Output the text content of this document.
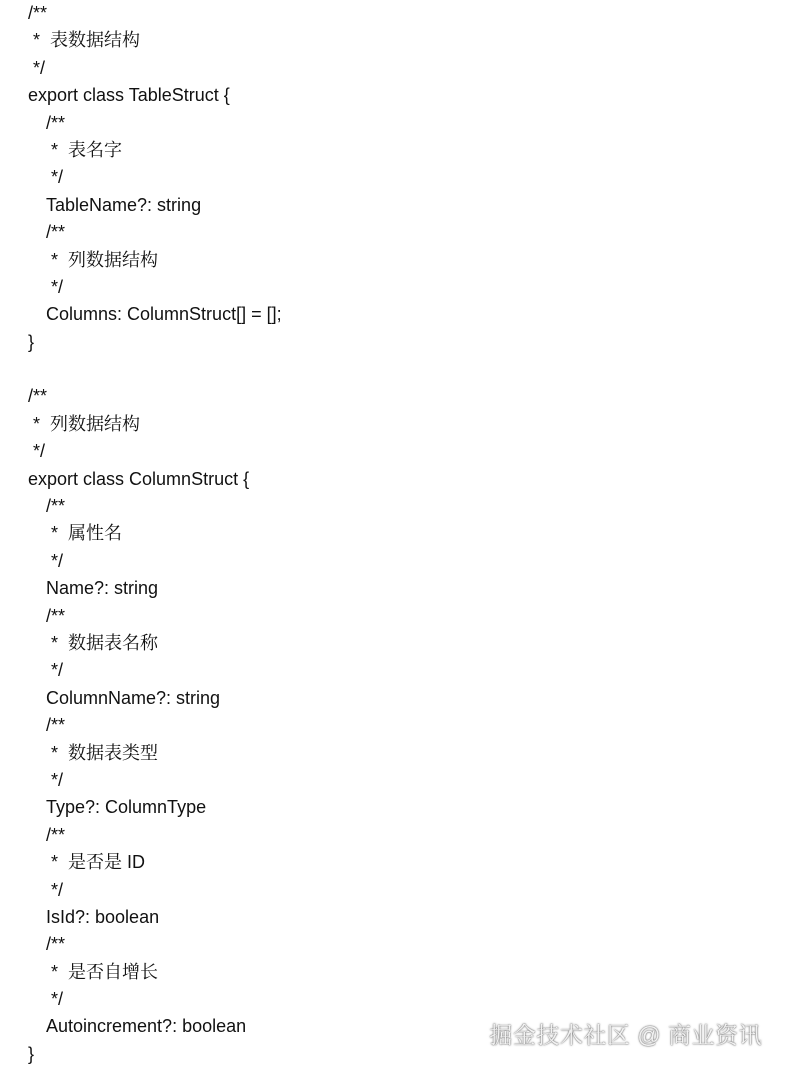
/**
*  表数据结构
*/
export class TableStruct {
/**
*  表名字
*/
TableName?: string
/**
*  列数据结构
*/
Columns: ColumnStruct[] = [];
}
/**
*  列数据结构
*/
export class ColumnStruct {
/**
*  属性名
*/
Name?: string
/**
*  数据表名称
*/
ColumnName?: string
/**
*  数据表类型
*/
Type?: ColumnType
/**
*  是否是 ID
*/
IsId?: boolean
/**
*  是否自增长
*/
Autoincrement?: boolean
}
掘金技术社区 @ 商业资讯
